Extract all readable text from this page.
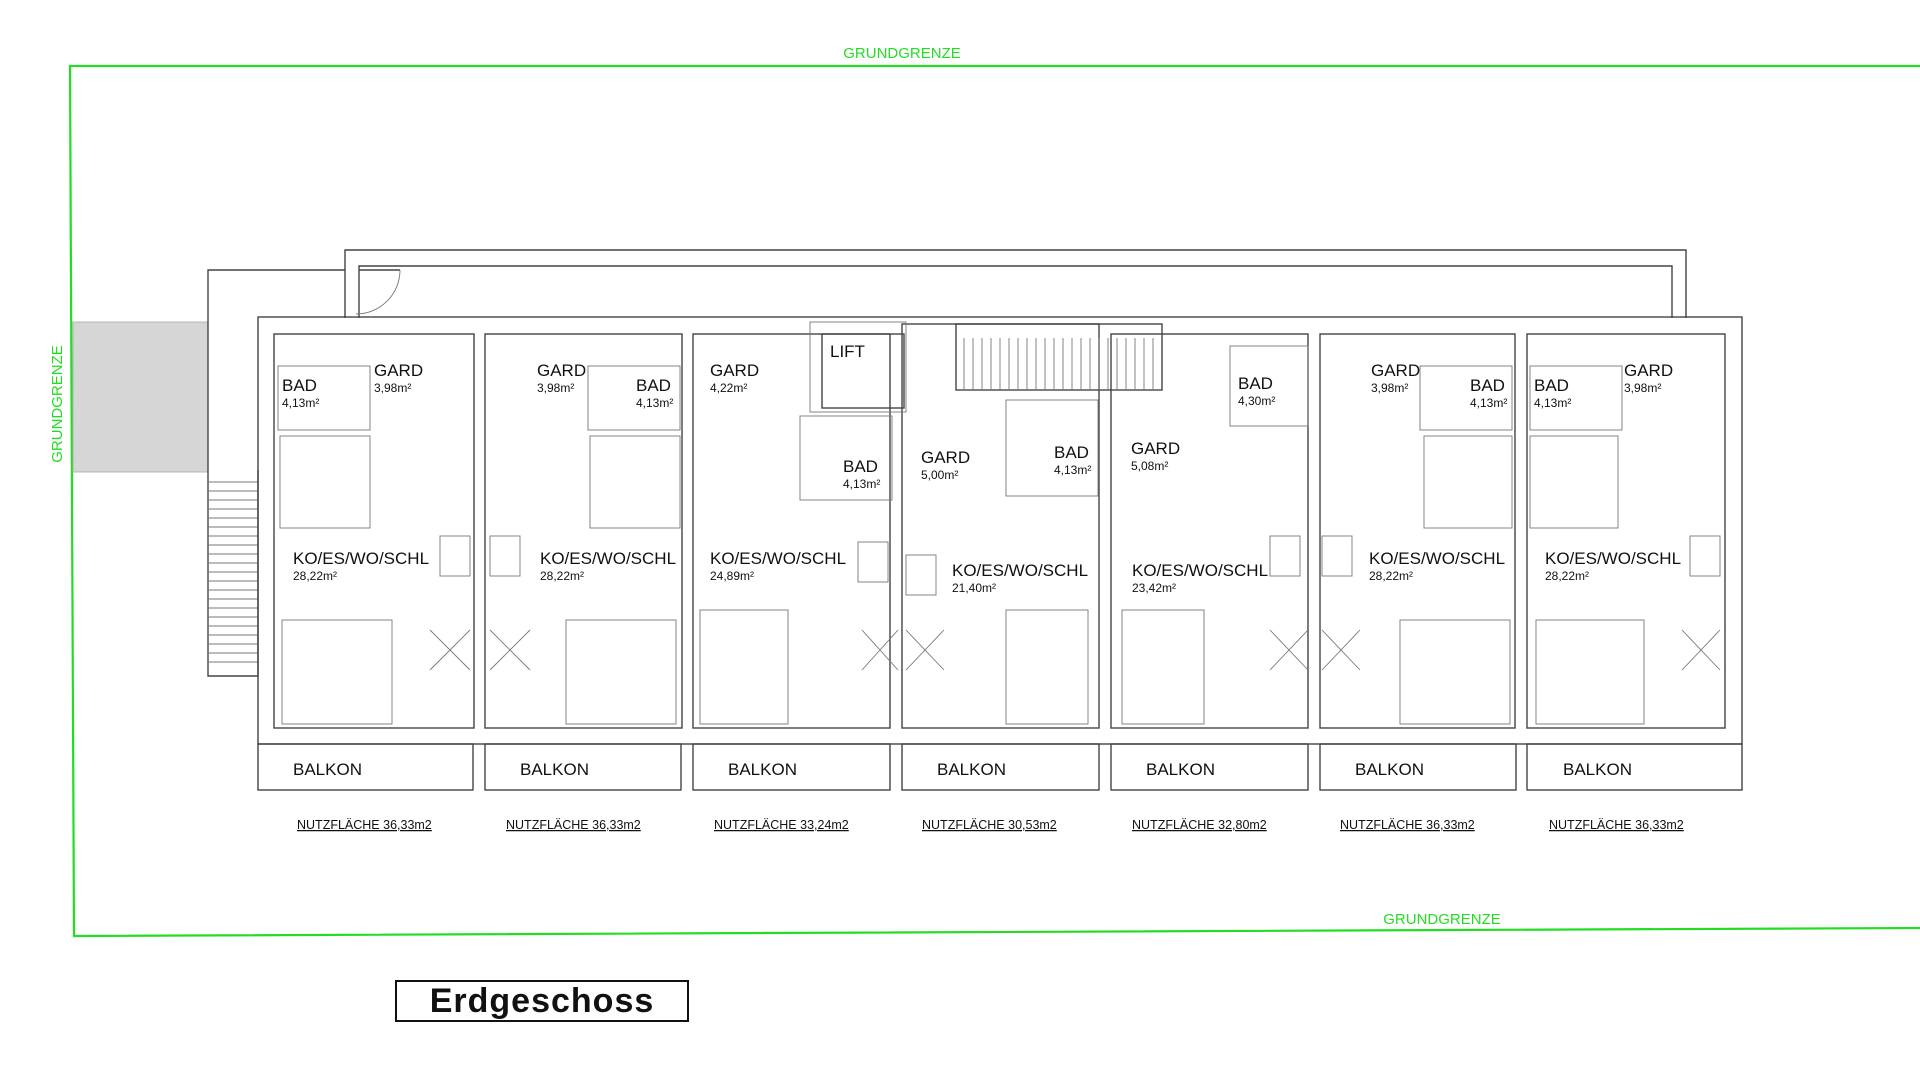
GRUNDGRENZE
GRUNDGRENZE
GRUNDGRENZE	BAD
4,13m²
GARD
3,98m²
KO/ES/WO/SCHL
28,22m²
GARD
3,98m²	BAD
4,13m²
KO/ES/WO/SCHL
28,22m²
GARD
4,22m²
BAD
4,13m²
KO/ES/WO/SCHL
24,89m²
GARD
5,00m²
BAD
4,13m²
KO/ES/WO/SCHL
21,40m²
GARD
5,08m²
BAD
4,30m²
KO/ES/WO/SCHL
23,42m²
GARD
3,98m²	BAD
4,13m²
KO/ES/WO/SCHL
28,22m²
BAD
4,13m²
GARD
3,98m²
KO/ES/WO/SCHL
28,22m²
LIFT
BALKON	BALKON	BALKON	BALKON	BALKON	BALKON	BALKON
NUTZFLÄCHE 36,33m2	NUTZFLÄCHE 36,33m2	NUTZFLÄCHE 33,24m2	NUTZFLÄCHE 30,53m2	NUTZFLÄCHE 32,80m2	NUTZFLÄCHE 36,33m2	NUTZFLÄCHE 36,33m2
Erdgeschoss
